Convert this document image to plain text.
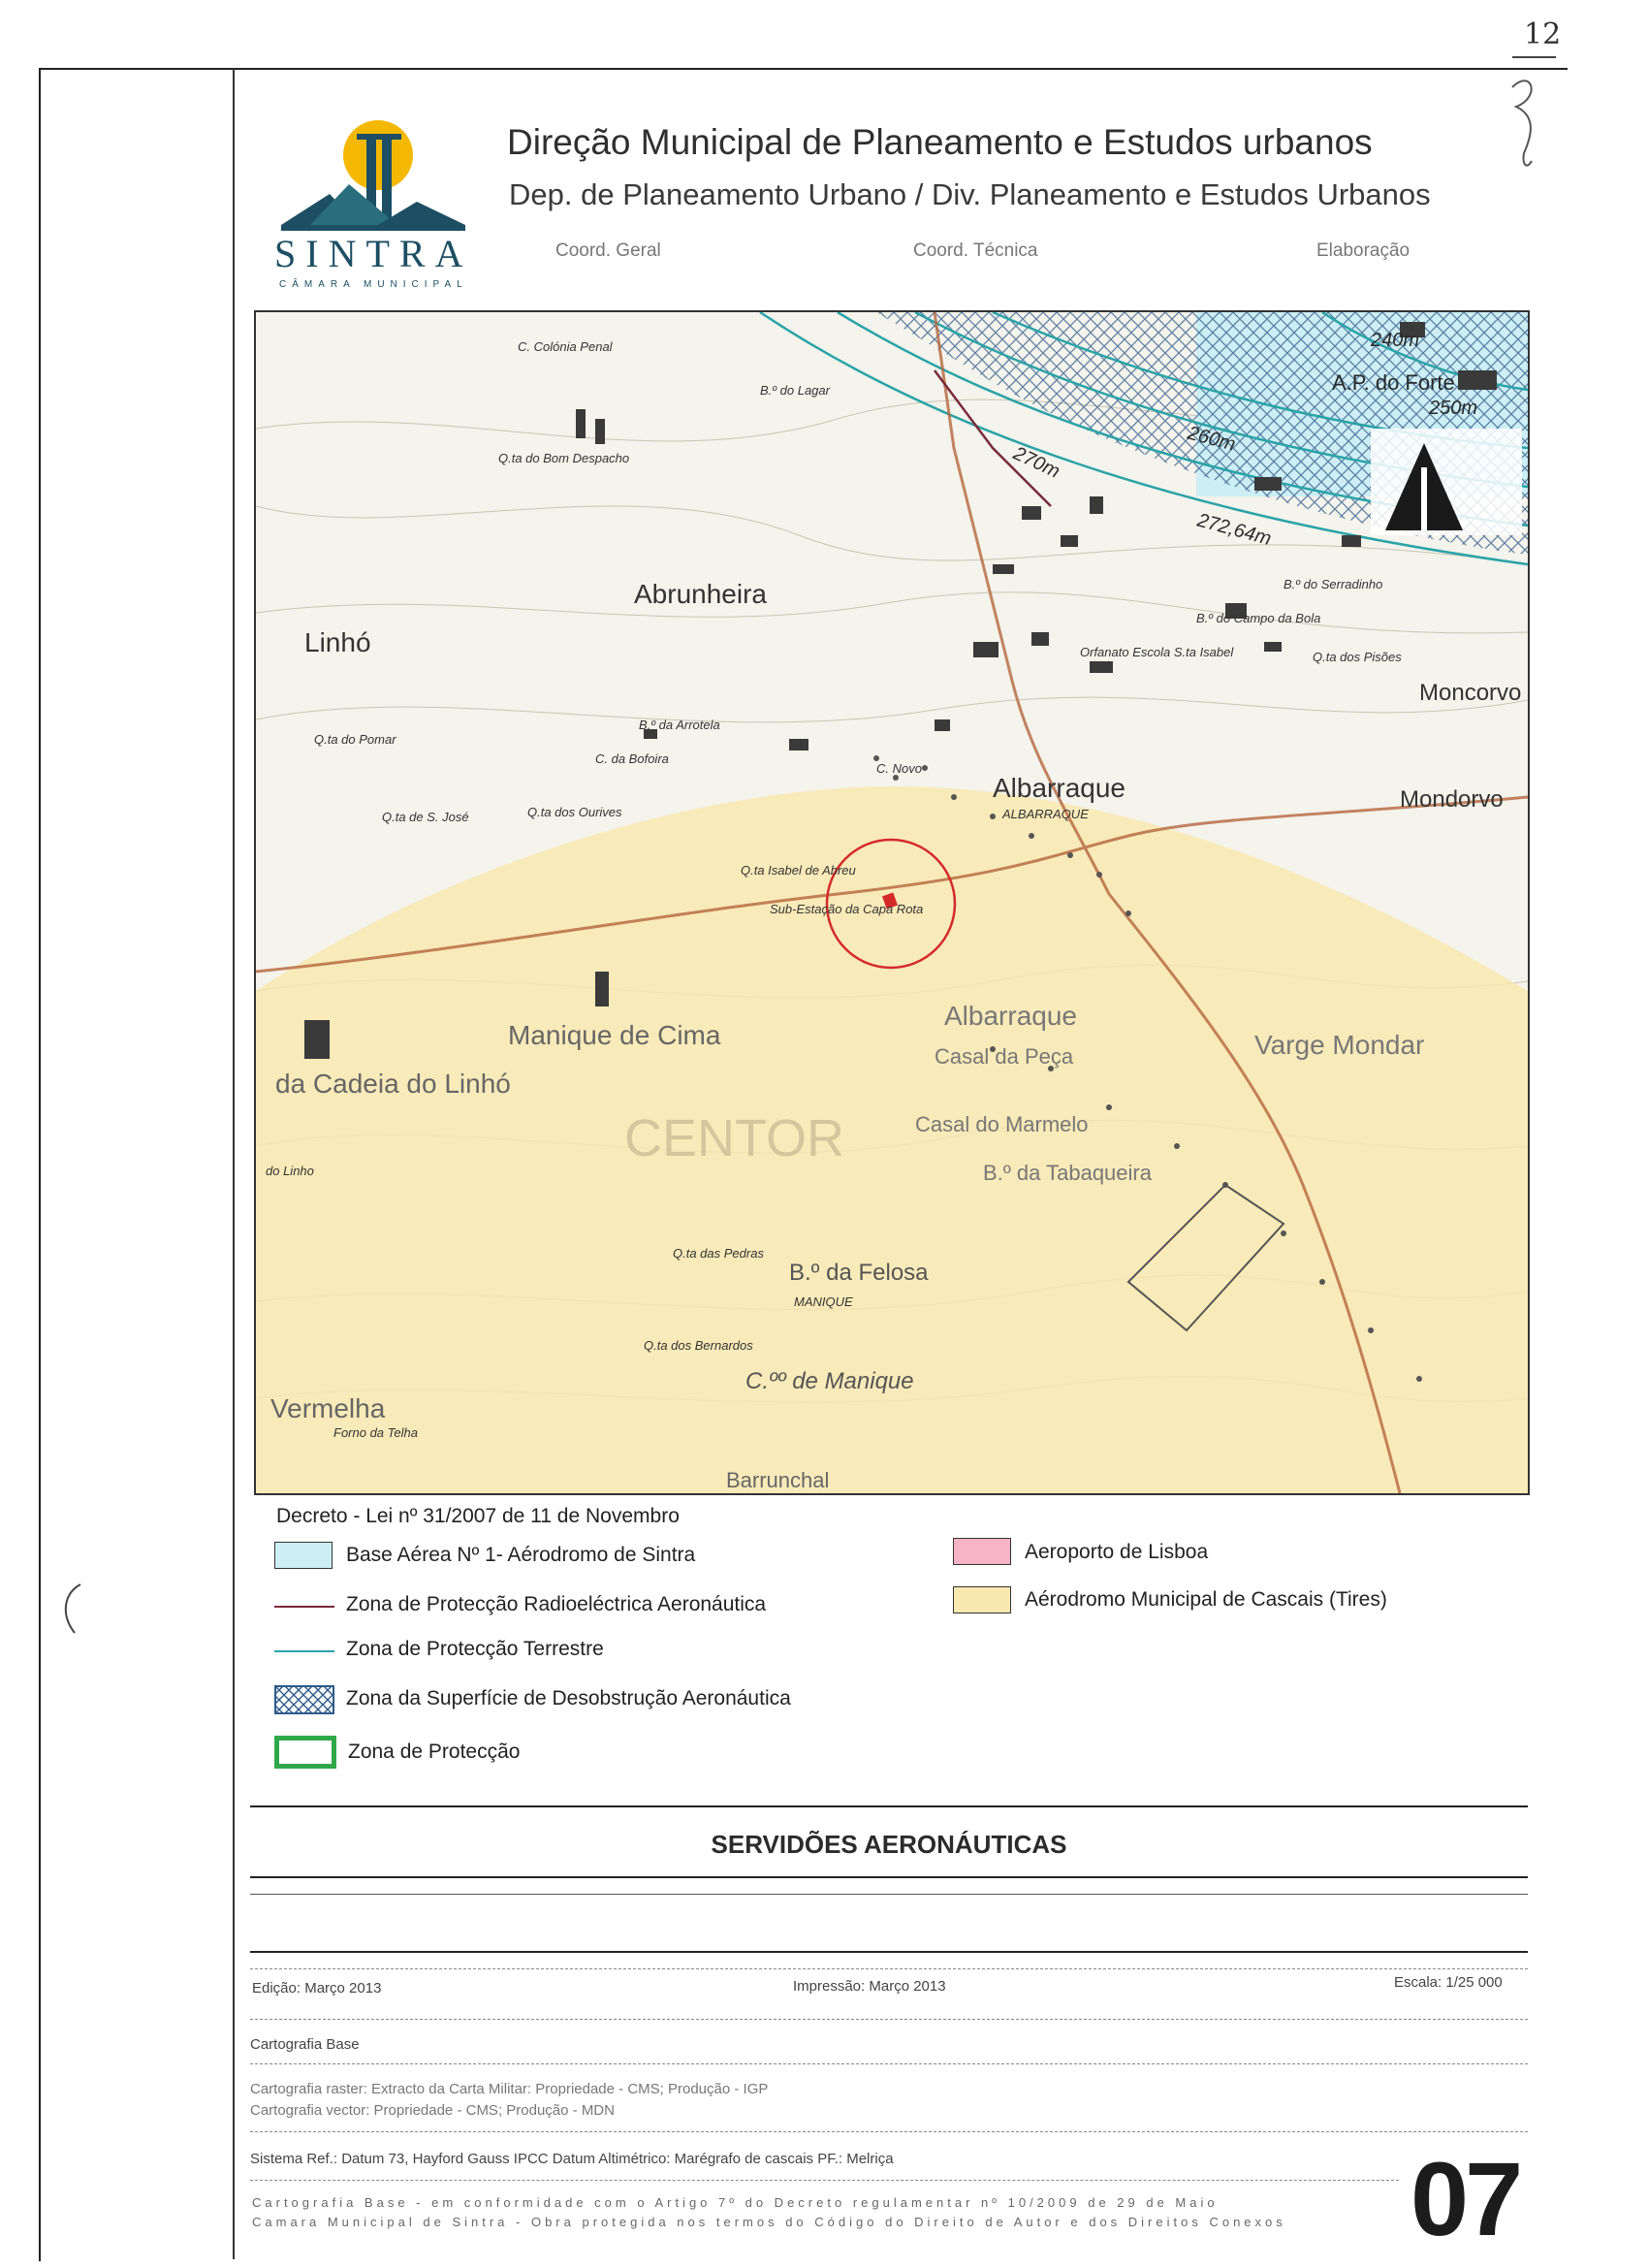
12
SINTRA
CÂMARA MUNICIPAL
Direção Municipal de Planeamento e Estudos urbanos
Dep. de Planeamento Urbano / Div. Planeamento e Estudos Urbanos
Coord. Geral	Coord. Técnica	Elaboração
Abrunheira
Linhó
Albarraque
Albarraque
Manique de Cima
da Cadeia do Linhó
Casal da Peça
Casal do Marmelo
Varge Mondar
B.º da Felosa
C.ºº de Manique
Vermelha
Barrunchal
Moncorvo
Mondorvo
CENTOR
B.º da Tabaqueira
Q.ta do Bom Despacho
B.º do Lagar
C. Colónia Penal
Q.ta do Pomar
Q.ta de S. José	Q.ta dos Ourives
C. da Bofoira
B.º da Arrotela
C. Novo
Orfanato Escola S.ta Isabel
B.º do Serradinho
B.º do Campo da Bola
Q.ta dos Pisões
Q.ta Isabel de Abreu
Sub-Estação da Capa Rota
Q.ta das Pedras
Q.ta dos Bernardos
Forno da Telha
MANIQUE
ALBARRAQUE
do Linho
270m
260m
272,64m
240m
250m
A.P. do Forte
Decreto - Lei nº 31/2007 de 11 de Novembro
Base Aérea Nº 1- Aérodromo de Sintra
Zona de Protecção Radioeléctrica Aeronáutica
Zona de Protecção Terrestre
Zona da Superfície de Desobstrução Aeronáutica
Zona de Protecção
Aeroporto de Lisboa
Aérodromo Municipal de Cascais (Tires)
SERVIDÕES AERONÁUTICAS
Edição: Março 2013	Impressão: Março 2013	Escala: 1/25 000
Cartografia Base
Cartografia raster: Extracto da Carta Militar: Propriedade - CMS; Produção - IGP
Cartografia vector: Propriedade - CMS; Produção - MDN
Sistema Ref.: Datum 73, Hayford Gauss IPCC Datum Altimétrico: Marégrafo de cascais PF.: Melriça
Cartografia Base - em conformidade com o Artigo 7º do Decreto regulamentar nº 10/2009 de 29 de Maio
Camara Municipal de Sintra - Obra protegida nos termos do Código do Direito de Autor e dos Direitos Conexos 07
